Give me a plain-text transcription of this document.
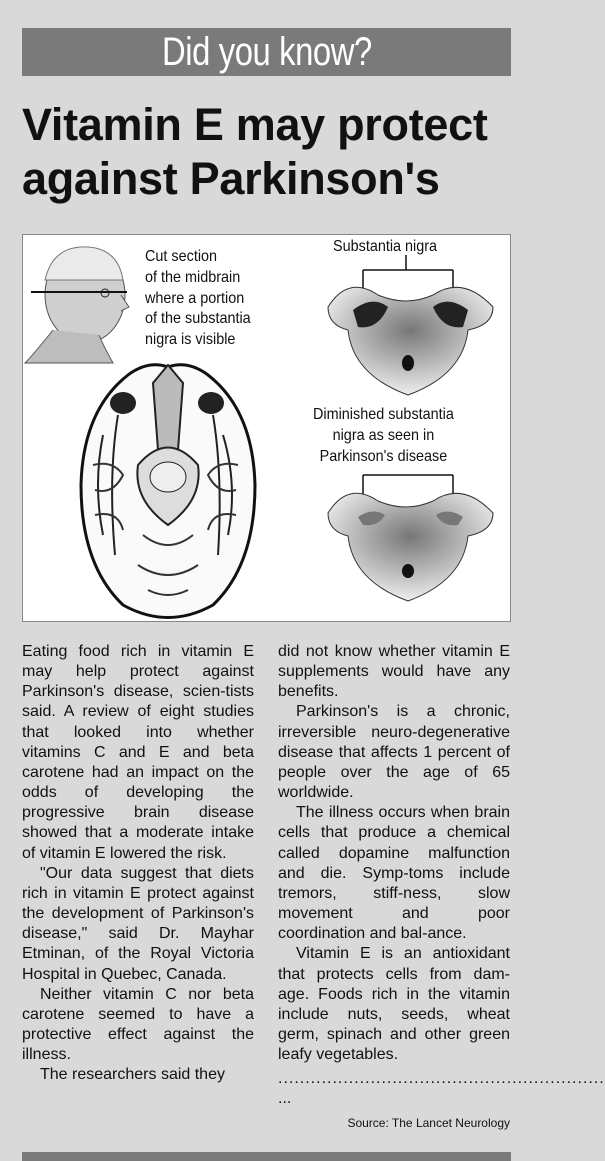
Did you know?
Vitamin E may protect
against Parkinson's
Cut section
of the midbrain
where a portion
of the substantia
nigra is visible
Substantia nigra
Diminished substantia
nigra as seen in
Parkinson's disease

Eating food rich in vitamin E may help protect against Parkinson's disease, scien-tists said. A review of eight studies that looked into whether vitamins C and E and beta carotene had an impact on the odds of developing the progressive brain disease showed that a moderate intake of vitamin E lowered the risk.

"Our data suggest that diets rich in vitamin E protect against the development of Parkinson's disease," said Dr. Mayhar Etminan, of the Royal Victoria Hospital in Quebec, Canada.

Neither vitamin C nor beta carotene seemed to have a protective effect against the illness.

The researchers said they

did not know whether vitamin E supplements would have any benefits.

Parkinson's is a chronic, irreversible neuro-degenerative disease that affects 1 percent of people over the age of 65 worldwide.

The illness occurs when brain cells that produce a chemical called dopamine malfunction and die. Symp-toms include tremors, stiff-ness, slow movement and poor coordination and bal-ance.

Vitamin E is an antioxidant that protects cells from dam-age. Foods rich in the vitamin include nuts, seeds, wheat germ, spinach and other green leafy vegetables.

............................................................
...
Source: The Lancet Neurology
